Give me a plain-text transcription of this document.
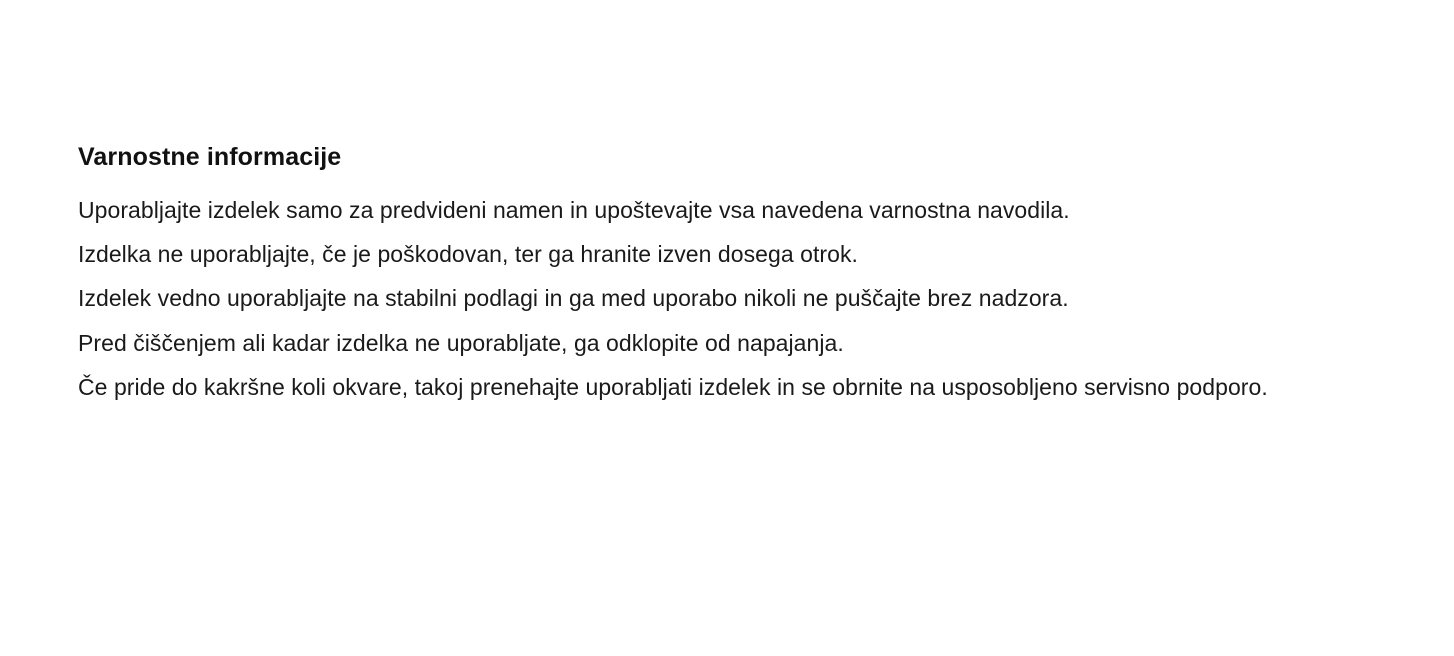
Varnostne informacije

Uporabljajte izdelek samo za predvideni namen in upoštevajte vsa navedena varnostna navodila.

Izdelka ne uporabljajte, če je poškodovan, ter ga hranite izven dosega otrok.

Izdelek vedno uporabljajte na stabilni podlagi in ga med uporabo nikoli ne puščajte brez nadzora.

Pred čiščenjem ali kadar izdelka ne uporabljate, ga odklopite od napajanja.

Če pride do kakršne koli okvare, takoj prenehajte uporabljati izdelek in se obrnite na usposobljeno servisno podporo.
